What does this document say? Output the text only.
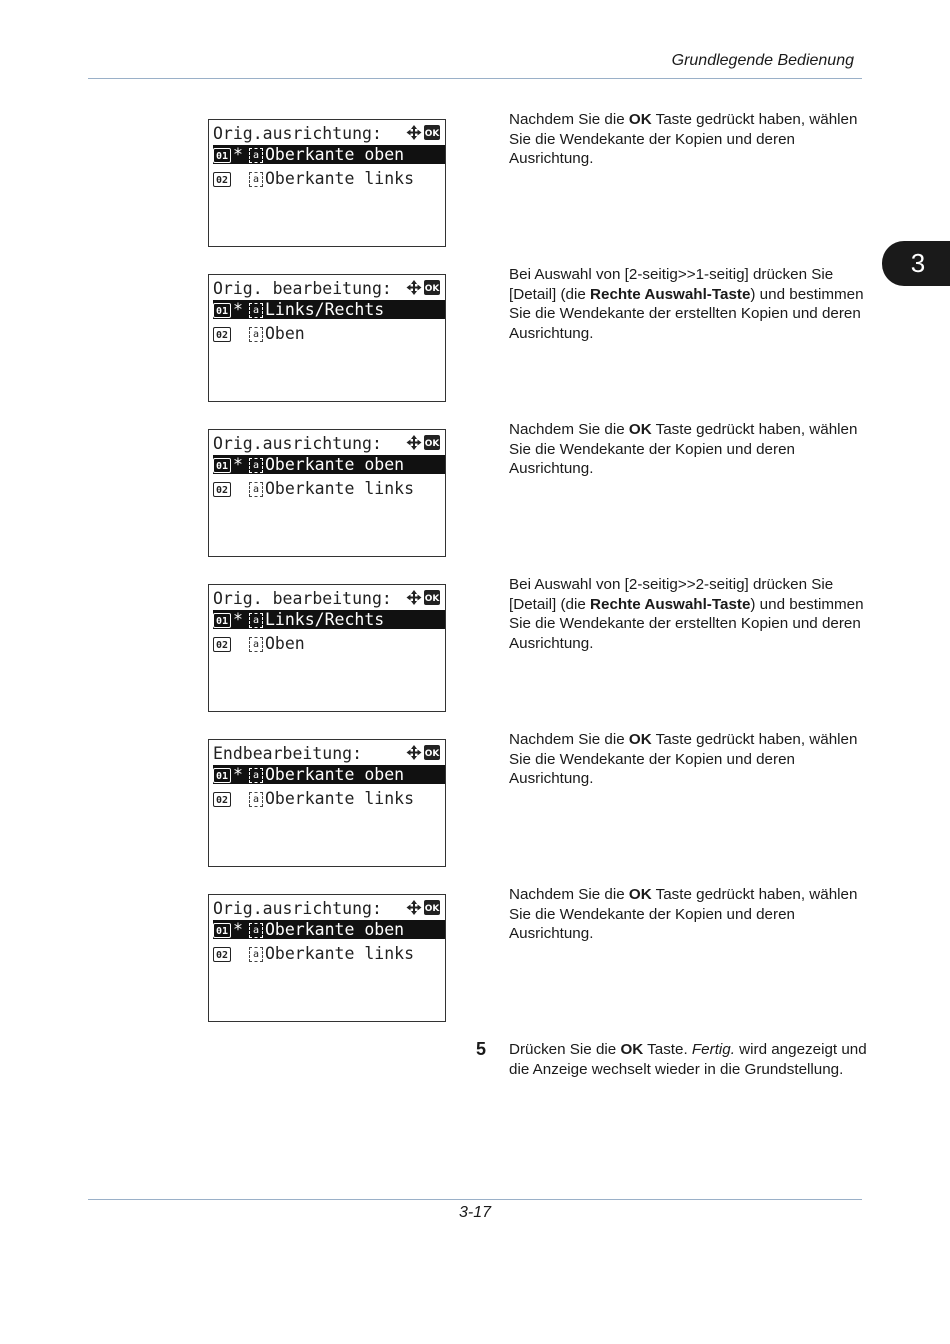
Grundlegende Bedienung
3
Orig.ausrichtung:	OK
01 * a Oberkante oben
02 a Oberkante links
Orig. bearbeitung:	OK
01 * a Links/Rechts
02 a Oben
Orig.ausrichtung:	OK
01 * a Oberkante oben
02 a Oberkante links
Orig. bearbeitung:	OK
01 * a Links/Rechts
02 a Oben
Endbearbeitung:	OK
01 * a Oberkante oben
02 a Oberkante links
Orig.ausrichtung:	OK
01 * a Oberkante oben
02 a Oberkante links
Nachdem Sie die OK Taste gedrückt haben, wählen Sie die Wendekante der Kopien und deren Ausrichtung.
Bei Auswahl von [2-seitig>>1-seitig] drücken Sie [Detail] (die Rechte Auswahl-Taste) und bestimmen Sie die Wendekante der erstellten Kopien und deren Ausrichtung.
Nachdem Sie die OK Taste gedrückt haben, wählen Sie die Wendekante der Kopien und deren Ausrichtung.
Bei Auswahl von [2-seitig>>2-seitig] drücken Sie [Detail] (die Rechte Auswahl-Taste) und bestimmen Sie die Wendekante der erstellten Kopien und deren Ausrichtung.
Nachdem Sie die OK Taste gedrückt haben, wählen Sie die Wendekante der Kopien und deren Ausrichtung.
Nachdem Sie die OK Taste gedrückt haben, wählen Sie die Wendekante der Kopien und deren Ausrichtung.
5 Drücken Sie die OK Taste. Fertig. wird angezeigt und die Anzeige wechselt wieder in die Grundstellung.
3-17
